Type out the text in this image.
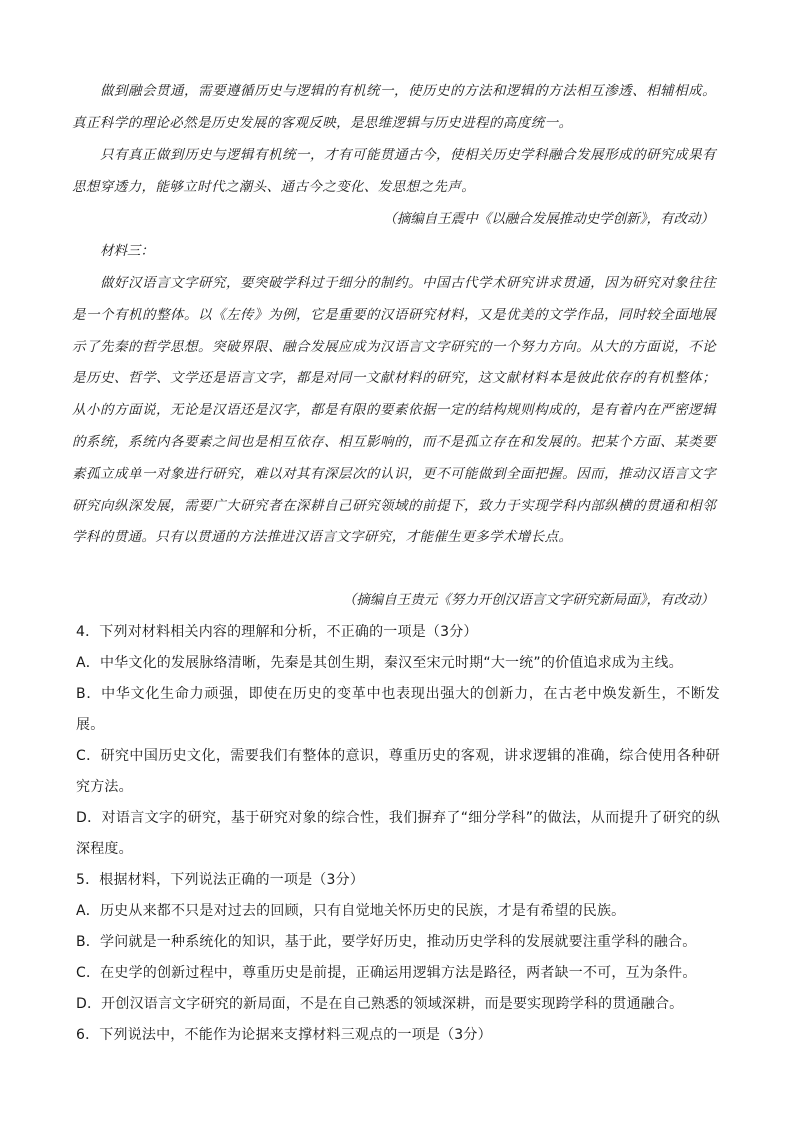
做到融会贯通，需要遵循历史与逻辑的有机统一，使历史的方法和逻辑的方法相互渗透、相辅相成。真正科学的理论必然是历史发展的客观反映，是思维逻辑与历史进程的高度统一。
只有真正做到历史与逻辑有机统一，才有可能贯通古今，使相关历史学科融合发展形成的研究成果有思想穿透力，能够立时代之潮头、通古今之变化、发思想之先声。
（摘编自王震中《以融合发展推动史学创新》，有改动）
材料三：
做好汉语言文字研究，要突破学科过于细分的制约。中国古代学术研究讲求贯通，因为研究对象往往是一个有机的整体。以《左传》为例，它是重要的汉语研究材料，又是优美的文学作品，同时较全面地展示了先秦的哲学思想。突破界限、融合发展应成为汉语言文字研究的一个努力方向。从大的方面说，不论是历史、哲学、文学还是语言文字，都是对同一文献材料的研究，这文献材料本是彼此依存的有机整体；从小的方面说，无论是汉语还是汉字，都是有限的要素依据一定的结构规则构成的，是有着内在严密逻辑的系统，系统内各要素之间也是相互依存、相互影响的，而不是孤立存在和发展的。把某个方面、某类要素孤立成单一对象进行研究，难以对其有深层次的认识，更不可能做到全面把握。因而，推动汉语言文字研究向纵深发展，需要广大研究者在深耕自己研究领域的前提下，致力于实现学科内部纵横的贯通和相邻学科的贯通。只有以贯通的方法推进汉语言文字研究，才能催生更多学术增长点。
（摘编自王贵元《努力开创汉语言文字研究新局面》，有改动）

4．下列对材料相关内容的理解和分析，不正确的一项是（3分）

A．中华文化的发展脉络清晰，先秦是其创生期，秦汉至宋元时期“大一统”的价值追求成为主线。

B．中华文化生命力顽强，即使在历史的变革中也表现出强大的创新力，在古老中焕发新生，不断发展。

C．研究中国历史文化，需要我们有整体的意识，尊重历史的客观，讲求逻辑的准确，综合使用各种研究方法。

D．对语言文字的研究，基于研究对象的综合性，我们摒弃了“细分学科”的做法，从而提升了研究的纵深程度。

5．根据材料，下列说法正确的一项是（3分）

A．历史从来都不只是对过去的回顾，只有自觉地关怀历史的民族，才是有希望的民族。

B．学问就是一种系统化的知识，基于此，要学好历史，推动历史学科的发展就要注重学科的融合。

C．在史学的创新过程中，尊重历史是前提，正确运用逻辑方法是路径，两者缺一不可，互为条件。

D．开创汉语言文字研究的新局面，不是在自己熟悉的领域深耕，而是要实现跨学科的贯通融合。

6．下列说法中，不能作为论据来支撑材料三观点的一项是（3分）
